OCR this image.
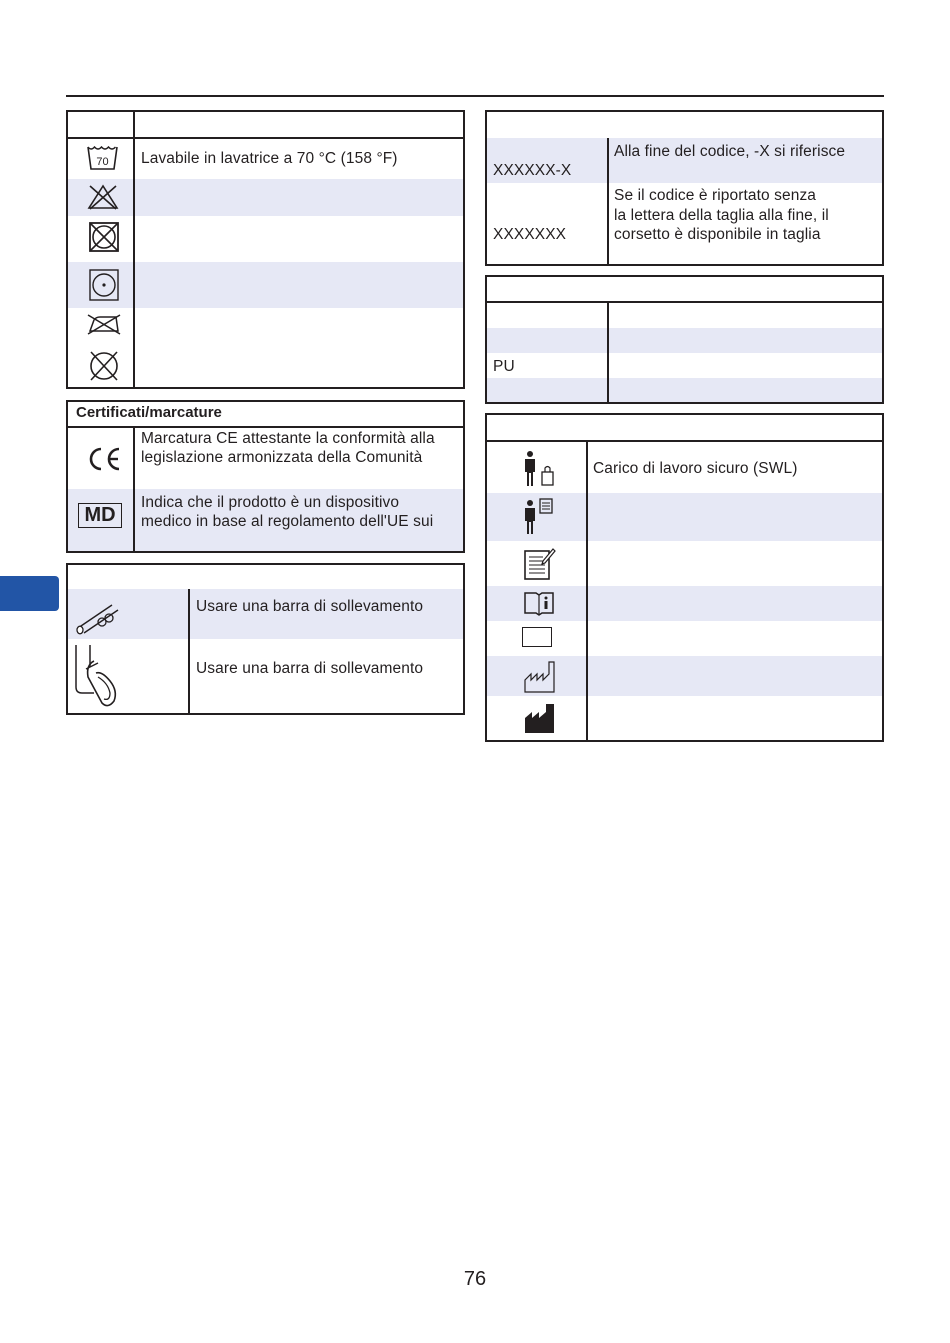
70 Lavabile in lavatrice a 70 °C (158 °F)
Certificati/marcature
Marcatura CE attestante la conformità alla
legislazione armonizzata della Comunità
MD
Indica che il prodotto è un dispositivo
medico in base al regolamento dell'UE sui
Usare una barra di sollevamento
Usare una barra di sollevamento
XXXXXX-X
Alla fine del codice, -X si riferisce
XXXXXXX
Se il codice è riportato senza
la lettera della taglia alla fine, il
corsetto è disponibile in taglia
PU
Carico di lavoro sicuro (SWL)
76
